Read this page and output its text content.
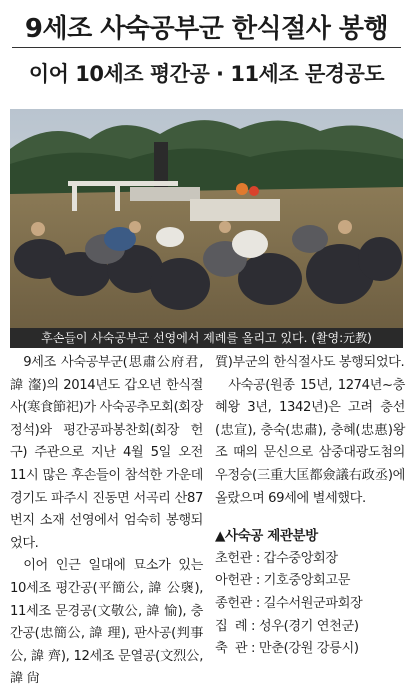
9세조 사숙공부군 한식절사 봉행
이어 10세조 평간공 · 11세조 문경공도
후손들이 사숙공부군 선영에서 제례를 올리고 있다. (촬영:元教)

9세조 사숙공부군(思肅公府君, 諱 瀣)의 2014년도 갑오년 한식절사(寒食節祀)가 사숙공추모회(회장 정석)와 평간공파봉찬회(회장 헌구) 주관으로 지난 4월 5일 오전 11시 많은 후손들이 참석한 가운데 경기도 파주시 진동면 서곡리 산87번지 소재 선영에서 엄숙히 봉행되었다.

이어 인근 일대에 묘소가 있는 10세조 평간공(平簡公, 諱 公襃), 11세조 문경공(文敬公, 諱 愉), 충간공(忠簡公, 諱 理), 판사공(判事公, 諱 齊), 12세조 문열공(文烈公, 諱 尙

質)부군의 한식절사도 봉행되었다.

사숙공(원종 15년, 1274년~충혜왕 3년, 1342년)은 고려 충선(忠宣), 충숙(忠肅), 충혜(忠惠)왕조 때의 문신으로 삼중대광도첨의우정승(三重大匡都僉議右政丞)에 올랐으며 69세에 별세했다.

▲사숙공 제관분방

초헌관 : 갑수중앙회장
아헌관 : 기호중앙회고문
종헌관 : 길수서원군파회장
집  례 : 성우(경기 연천군)
축  관 : 만춘(강원 강릉시)
